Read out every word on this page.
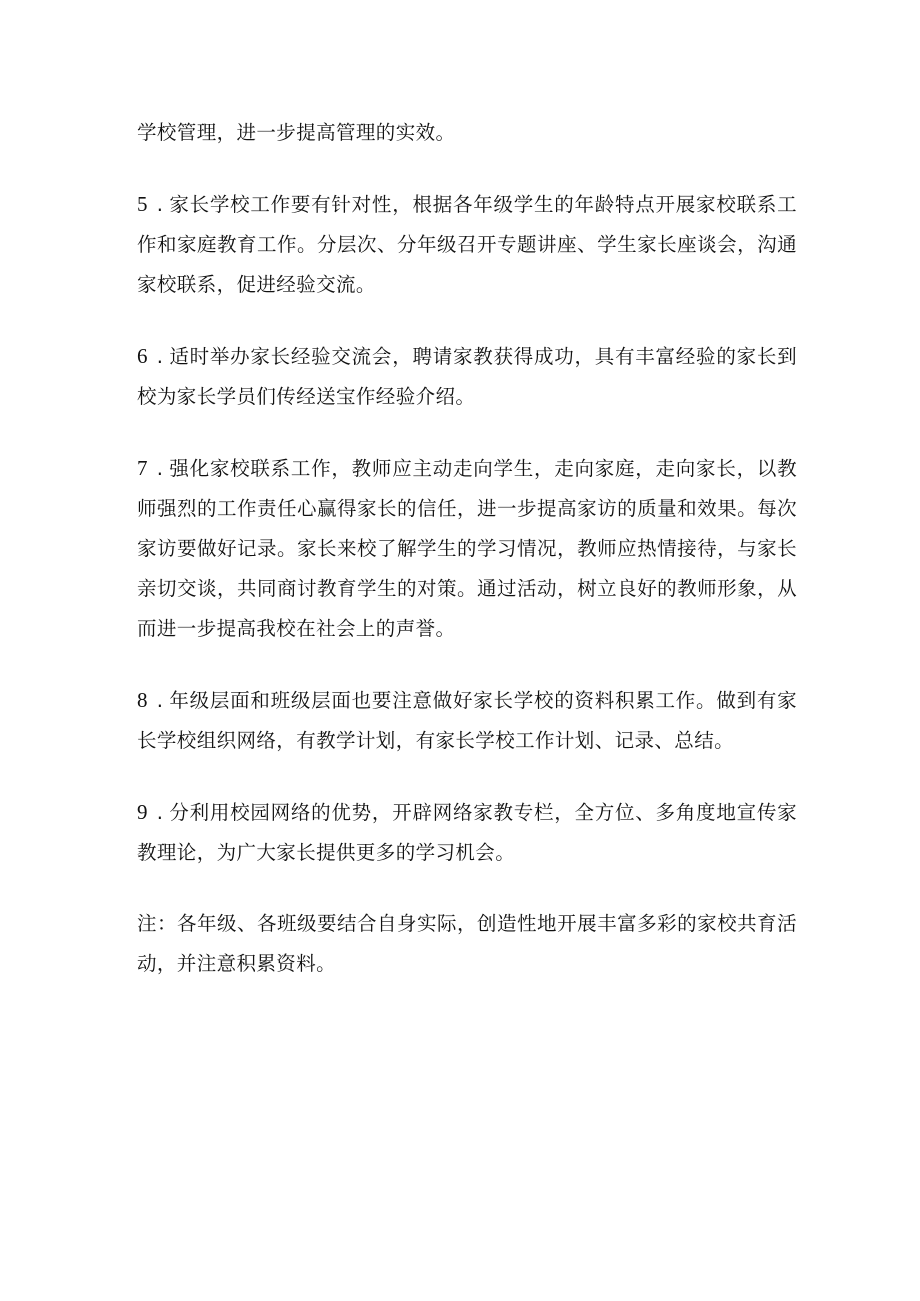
学校管理，进一步提高管理的实效。

5 . 家长学校工作要有针对性，根据各年级学生的年龄特点开展家校联系工作和家庭教育工作。分层次、分年级召开专题讲座、学生家长座谈会，沟通家校联系，促进经验交流。

6 . 适时举办家长经验交流会，聘请家教获得成功，具有丰富经验的家长到校为家长学员们传经送宝作经验介绍。

7 . 强化家校联系工作，教师应主动走向学生，走向家庭，走向家长，以教师强烈的工作责任心赢得家长的信任，进一步提高家访的质量和效果。每次家访要做好记录。家长来校了解学生的学习情况，教师应热情接待，与家长亲切交谈，共同商讨教育学生的对策。通过活动，树立良好的教师形象，从而进一步提高我校在社会上的声誉。

8 . 年级层面和班级层面也要注意做好家长学校的资料积累工作。做到有家长学校组织网络，有教学计划，有家长学校工作计划、记录、总结。

9 . 分利用校园网络的优势，开辟网络家教专栏，全方位、多角度地宣传家教理论，为广大家长提供更多的学习机会。

注：各年级、各班级要结合自身实际，创造性地开展丰富多彩的家校共育活动，并注意积累资料。
